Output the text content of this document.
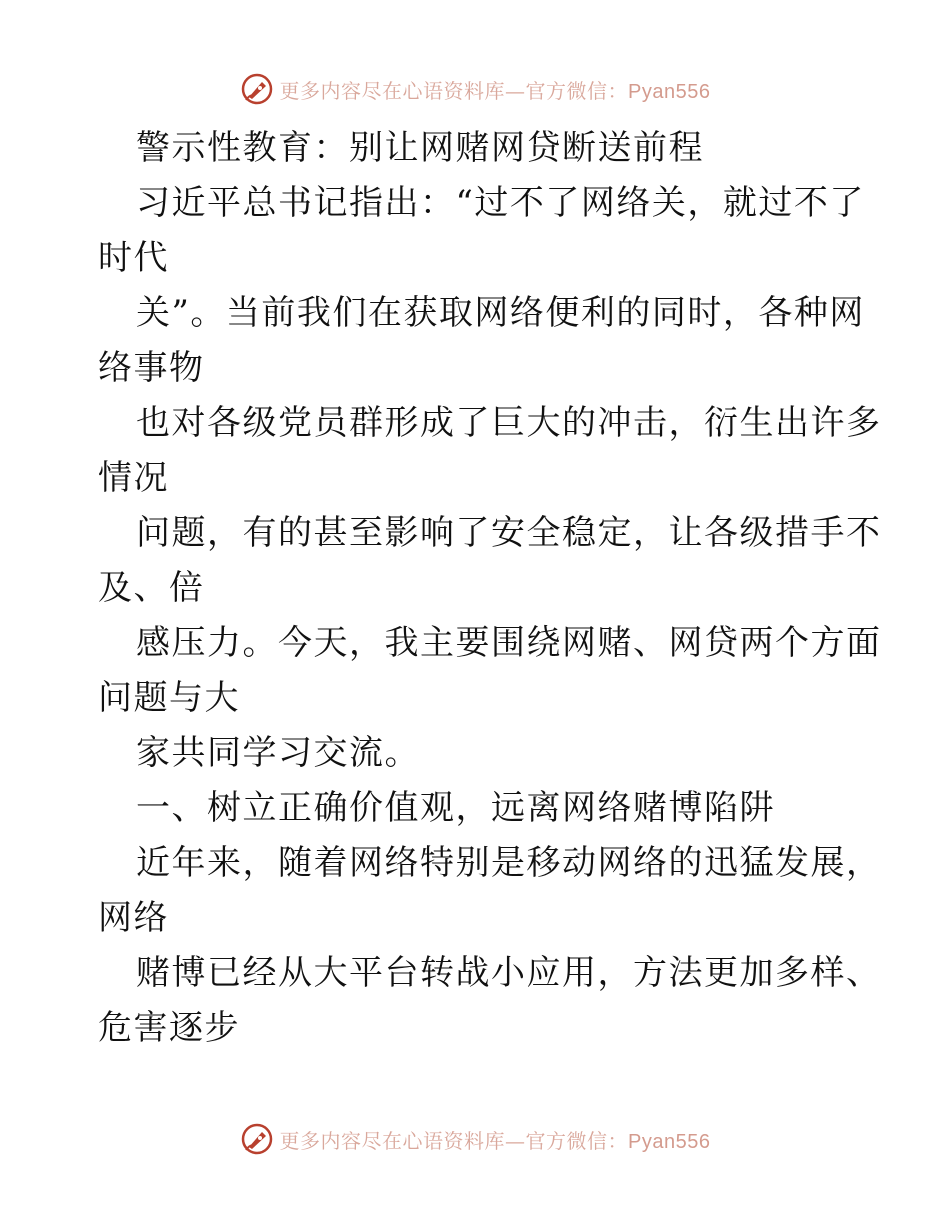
更多内容尽在心语资料库—官方微信：Pyan556
警示性教育：别让网赌网贷断送前程
习近平总书记指出：“过不了网络关，就过不了
时代
关”。当前我们在获取网络便利的同时，各种网
络事物
也对各级党员群形成了巨大的冲击，衍生出许多
情况
问题，有的甚至影响了安全稳定，让各级措手不
及、倍
感压力。今天，我主要围绕网赌、网贷两个方面
问题与大
家共同学习交流。
一、树立正确价值观，远离网络赌博陷阱
近年来，随着网络特别是移动网络的迅猛发展，
网络
赌博已经从大平台转战小应用，方法更加多样、
危害逐步
更多内容尽在心语资料库—官方微信：Pyan556
